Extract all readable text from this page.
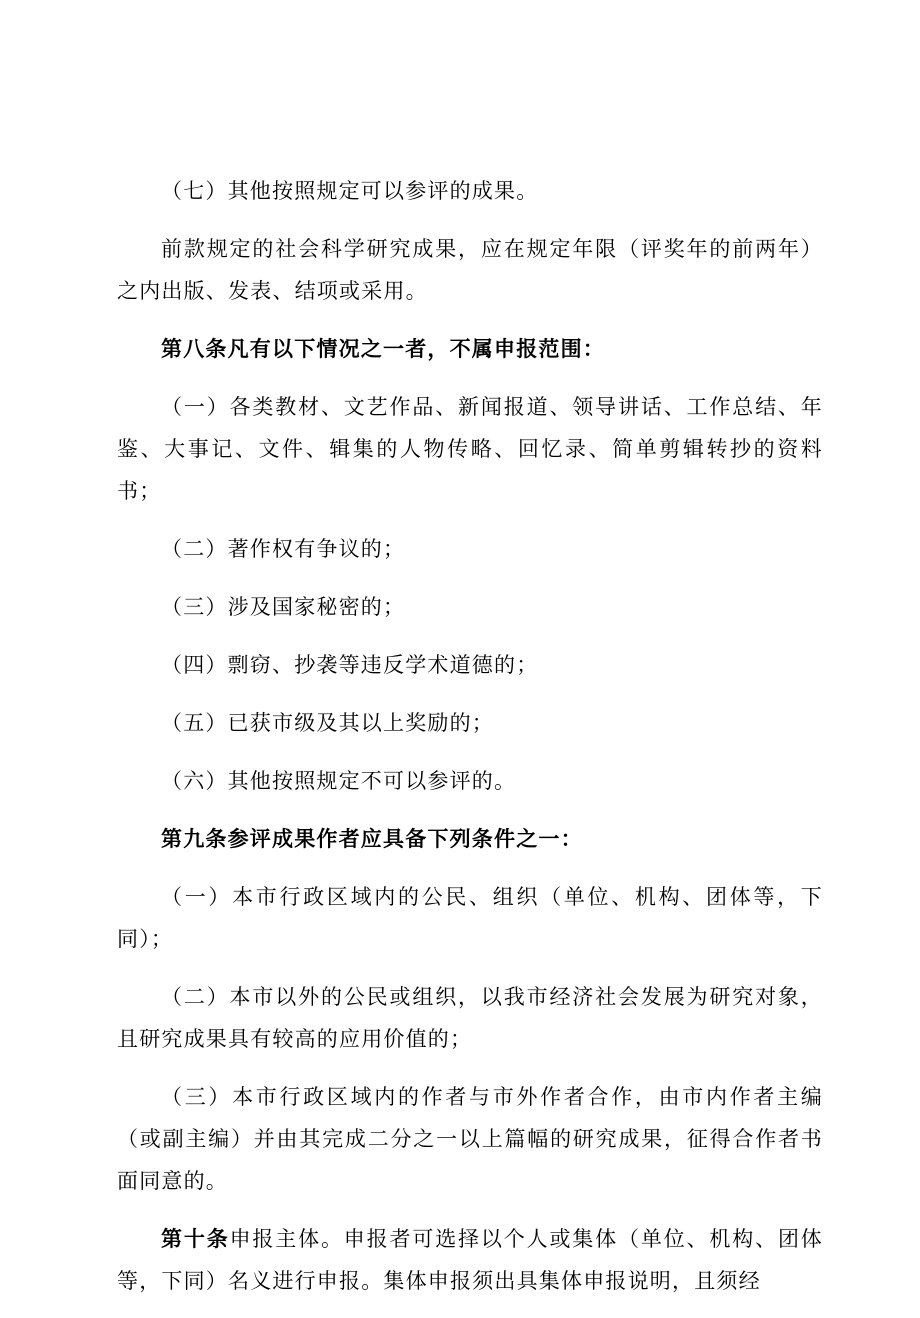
（七）其他按照规定可以参评的成果。

前款规定的社会科学研究成果，应在规定年限（评奖年的前两年）之内出版、发表、结项或采用。

第八条凡有以下情况之一者，不属申报范围：

（一）各类教材、文艺作品、新闻报道、领导讲话、工作总结、年鉴、大事记、文件、辑集的人物传略、回忆录、简单剪辑转抄的资料书；

（二）著作权有争议的；

（三）涉及国家秘密的；

（四）剽窃、抄袭等违反学术道德的；

（五）已获市级及其以上奖励的；

（六）其他按照规定不可以参评的。

第九条参评成果作者应具备下列条件之一：

（一）本市行政区域内的公民、组织（单位、机构、团体等，下同）；

（二）本市以外的公民或组织，以我市经济社会发展为研究对象，且研究成果具有较高的应用价值的；

（三）本市行政区域内的作者与市外作者合作，由市内作者主编（或副主编）并由其完成二分之一以上篇幅的研究成果，征得合作者书面同意的。

第十条申报主体。申报者可选择以个人或集体（单位、机构、团体等，下同）名义进行申报。集体申报须出具集体申报说明，且须经
